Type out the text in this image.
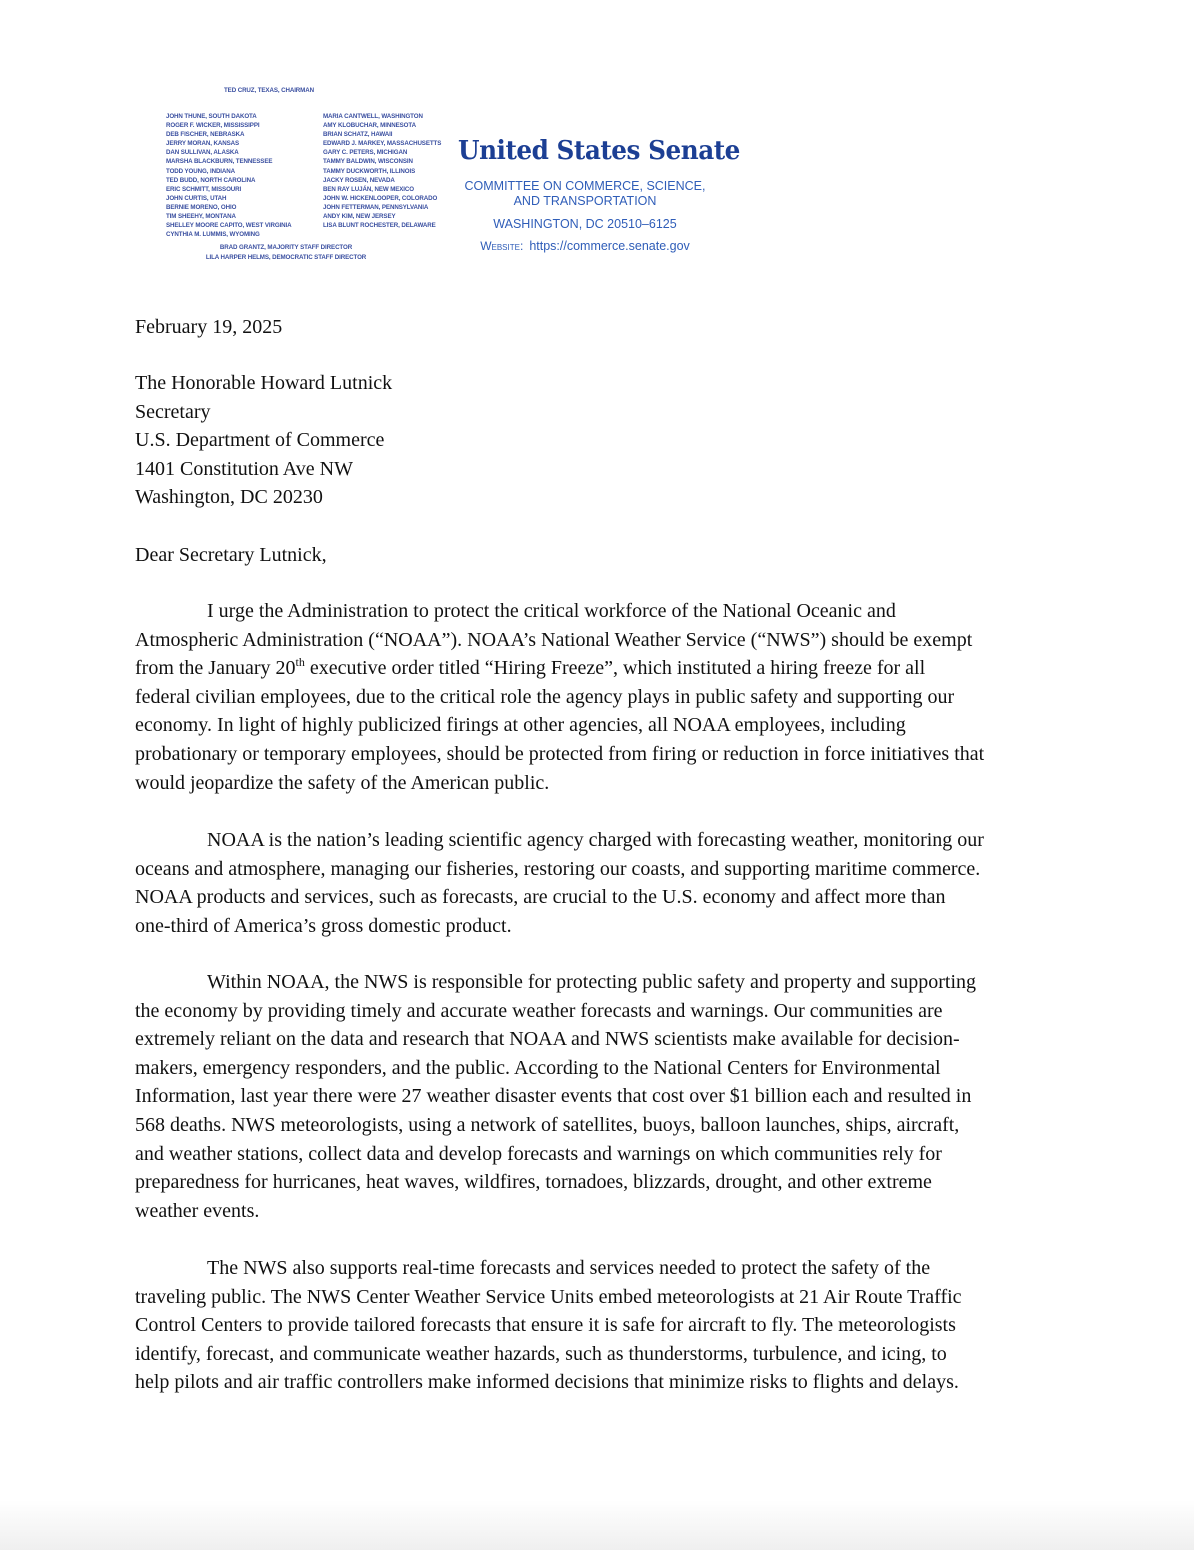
TED CRUZ, TEXAS, CHAIRMAN
JOHN THUNE, SOUTH DAKOTA
ROGER F. WICKER, MISSISSIPPI
DEB FISCHER, NEBRASKA
JERRY MORAN, KANSAS
DAN SULLIVAN, ALASKA
MARSHA BLACKBURN, TENNESSEE
TODD YOUNG, INDIANA
TED BUDD, NORTH CAROLINA
ERIC SCHMITT, MISSOURI
JOHN CURTIS, UTAH
BERNIE MORENO, OHIO
TIM SHEEHY, MONTANA
SHELLEY MOORE CAPITO, WEST VIRGINIA
CYNTHIA M. LUMMIS, WYOMING
MARIA CANTWELL, WASHINGTON
AMY KLOBUCHAR, MINNESOTA
BRIAN SCHATZ, HAWAII
EDWARD J. MARKEY, MASSACHUSETTS
GARY C. PETERS, MICHIGAN
TAMMY BALDWIN, WISCONSIN
TAMMY DUCKWORTH, ILLINOIS
JACKY ROSEN, NEVADA
BEN RAY LUJÁN, NEW MEXICO
JOHN W. HICKENLOOPER, COLORADO
JOHN FETTERMAN, PENNSYLVANIA
ANDY KIM, NEW JERSEY
LISA BLUNT ROCHESTER, DELAWARE
BRAD GRANTZ, MAJORITY STAFF DIRECTOR
LILA HARPER HELMS, DEMOCRATIC STAFF DIRECTOR
United States Senate
COMMITTEE ON COMMERCE, SCIENCE,
AND TRANSPORTATION
WASHINGTON, DC 20510–6125
Website: https://commerce.senate.gov
February 19, 2025
The Honorable Howard Lutnick
Secretary
U.S. Department of Commerce
1401 Constitution Ave NW
Washington, DC 20230
Dear Secretary Lutnick,
I urge the Administration to protect the critical workforce of the National Oceanic and
Atmospheric Administration (“NOAA”). NOAA’s National Weather Service (“NWS”) should be exempt
from the January 20th executive order titled “Hiring Freeze”, which instituted a hiring freeze for all
federal civilian employees, due to the critical role the agency plays in public safety and supporting our
economy. In light of highly publicized firings at other agencies, all NOAA employees, including
probationary or temporary employees, should be protected from firing or reduction in force initiatives that
would jeopardize the safety of the American public.
NOAA is the nation’s leading scientific agency charged with forecasting weather, monitoring our
oceans and atmosphere, managing our fisheries, restoring our coasts, and supporting maritime commerce.
NOAA products and services, such as forecasts, are crucial to the U.S. economy and affect more than
one-third of America’s gross domestic product.
Within NOAA, the NWS is responsible for protecting public safety and property and supporting
the economy by providing timely and accurate weather forecasts and warnings. Our communities are
extremely reliant on the data and research that NOAA and NWS scientists make available for decision-
makers, emergency responders, and the public. According to the National Centers for Environmental
Information, last year there were 27 weather disaster events that cost over $1 billion each and resulted in
568 deaths. NWS meteorologists, using a network of satellites, buoys, balloon launches, ships, aircraft,
and weather stations, collect data and develop forecasts and warnings on which communities rely for
preparedness for hurricanes, heat waves, wildfires, tornadoes, blizzards, drought, and other extreme
weather events.
The NWS also supports real-time forecasts and services needed to protect the safety of the
traveling public. The NWS Center Weather Service Units embed meteorologists at 21 Air Route Traffic
Control Centers to provide tailored forecasts that ensure it is safe for aircraft to fly. The meteorologists
identify, forecast, and communicate weather hazards, such as thunderstorms, turbulence, and icing, to
help pilots and air traffic controllers make informed decisions that minimize risks to flights and delays.
